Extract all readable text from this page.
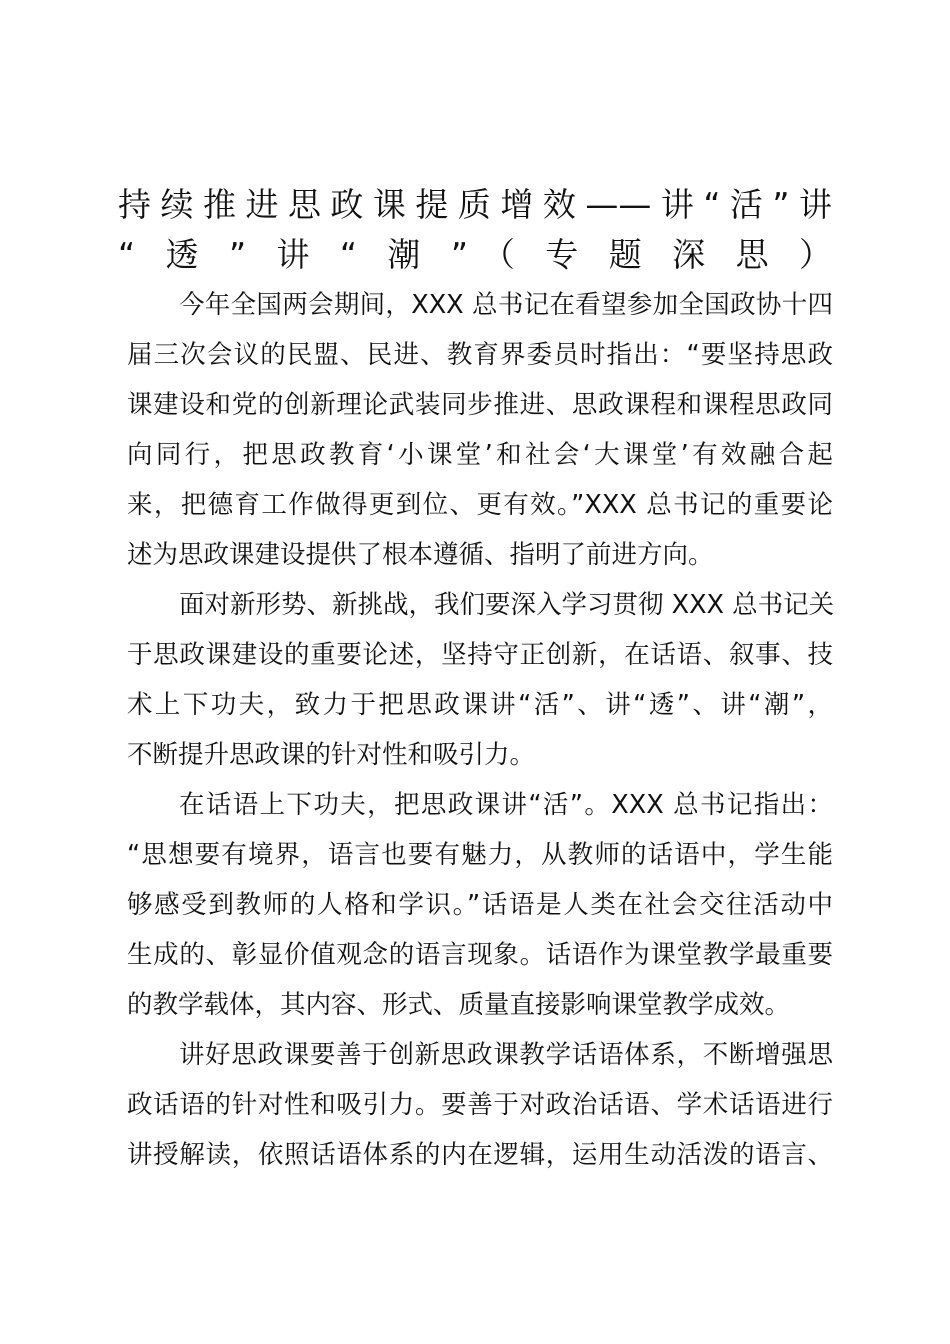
持续推进思政课提质增效——讲“活”讲
“透”讲“潮”（专题深思）
今年全国两会期间，XXX 总书记在看望参加全国政协十四
届三次会议的民盟、民进、教育界委员时指出：“要坚持思政
课建设和党的创新理论武装同步推进、思政课程和课程思政同
向同行，把思政教育‘小课堂’和社会‘大课堂’有效融合起
来，把德育工作做得更到位、更有效。”XXX 总书记的重要论
述为思政课建设提供了根本遵循、指明了前进方向。
面对新形势、新挑战，我们要深入学习贯彻 XXX 总书记关
于思政课建设的重要论述，坚持守正创新，在话语、叙事、技
术上下功夫，致力于把思政课讲“活”、讲“透”、讲“潮”，
不断提升思政课的针对性和吸引力。
在话语上下功夫，把思政课讲“活”。XXX 总书记指出：
“思想要有境界，语言也要有魅力，从教师的话语中，学生能
够感受到教师的人格和学识。”话语是人类在社会交往活动中
生成的、彰显价值观念的语言现象。话语作为课堂教学最重要
的教学载体，其内容、形式、质量直接影响课堂教学成效。
讲好思政课要善于创新思政课教学话语体系，不断增强思
政话语的针对性和吸引力。要善于对政治话语、学术话语进行
讲授解读，依照话语体系的内在逻辑，运用生动活泼的语言、
